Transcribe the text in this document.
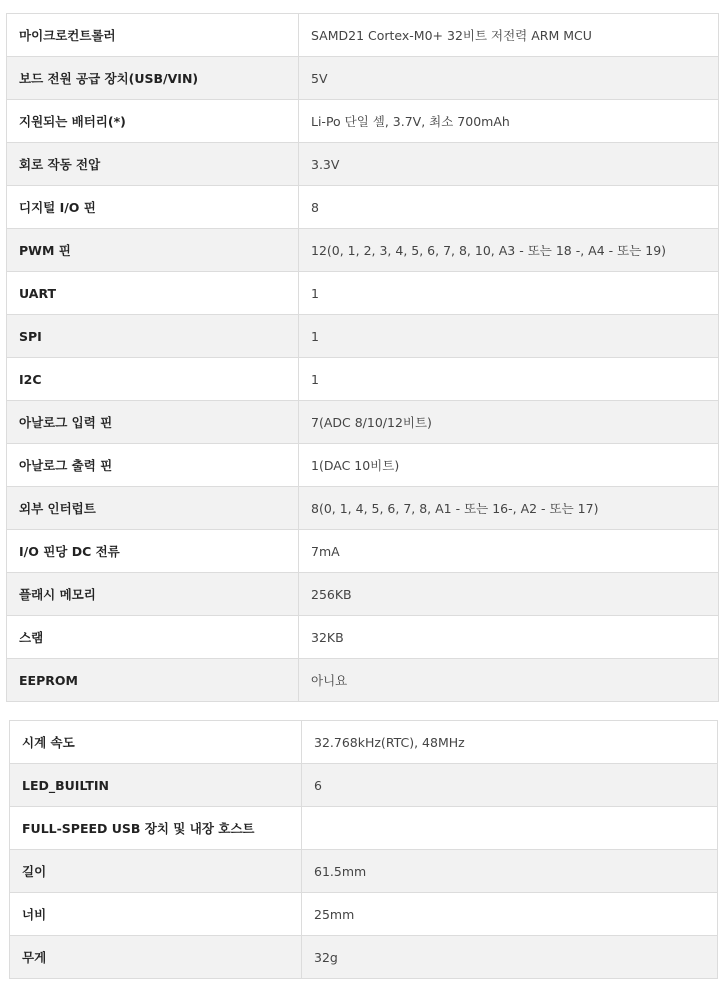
마이크로컨트롤러	SAMD21 Cortex-M0+ 32비트 저전력 ARM MCU
보드 전원 공급 장치(USB/VIN)	5V
지원되는 배터리(*)	Li-Po 단일 셀, 3.7V, 최소 700mAh
회로 작동 전압	3.3V
디지털 I/O 핀	8
PWM 핀	12(0, 1, 2, 3, 4, 5, 6, 7, 8, 10, A3 - 또는 18 -, A4 - 또는 19)
UART	1
SPI	1
I2C	1
아날로그 입력 핀	7(ADC 8/10/12비트)
아날로그 출력 핀	1(DAC 10비트)
외부 인터럽트	8(0, 1, 4, 5, 6, 7, 8, A1 - 또는 16-, A2 - 또는 17)
I/O 핀당 DC 전류	7mA
플래시 메모리	256KB
스램	32KB
EEPROM	아니요
시계 속도	32.768kHz(RTC), 48MHz
LED_BUILTIN	6
FULL-SPEED USB 장치 및 내장 호스트	
길이	61.5mm
너비	25mm
무게	32g
